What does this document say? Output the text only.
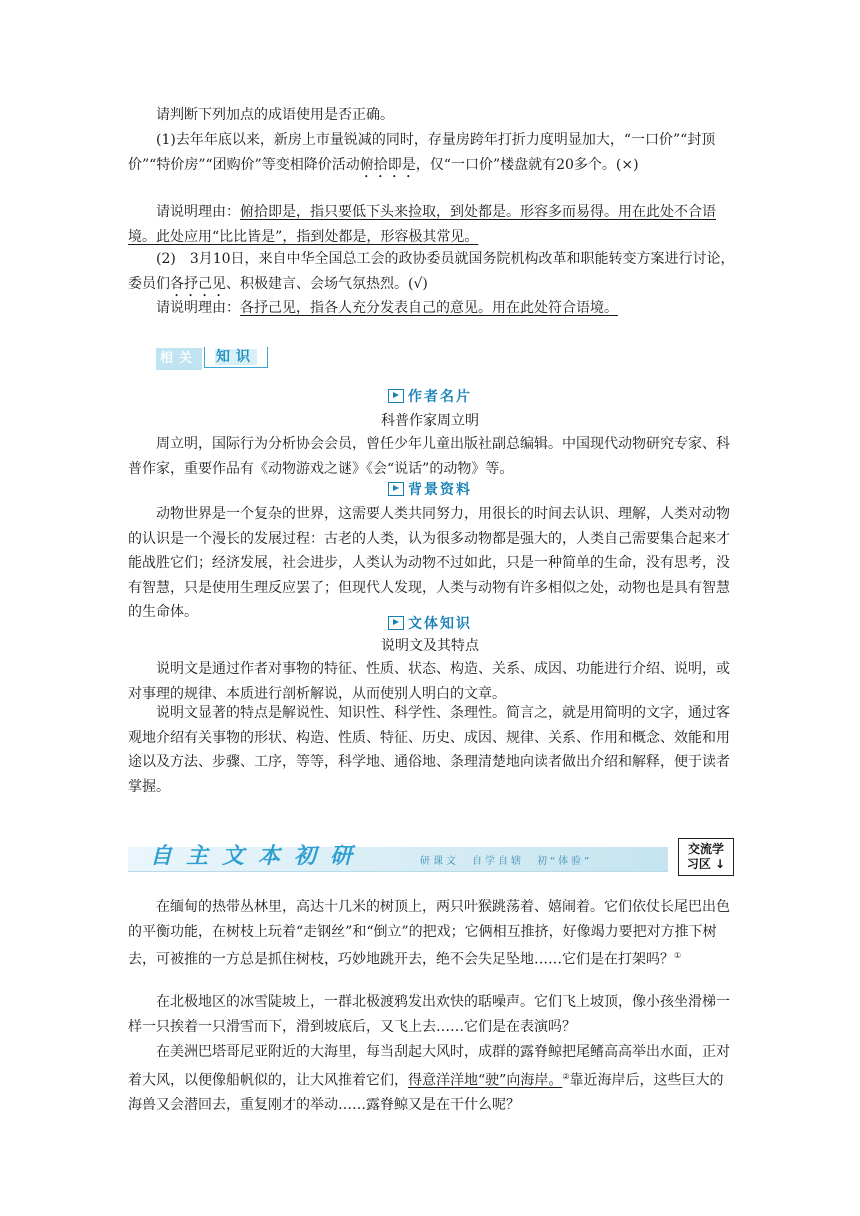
请判断下列加点的成语使用是否正确。

(1)去年年底以来，新房上市量锐减的同时，存量房跨年打折力度明显加大，“一口价”“封顶价”“特价房”“团购价”等变相降价活动俯拾即是，仅“一口价”楼盘就有20多个。(×)

请说明理由：俯拾即是，指只要低下头来捡取，到处都是。形容多而易得。用在此处不合语境。此处应用“比比皆是”，指到处都是，形容极其常见。

(2)　3月10日，来自中华全国总工会的政协委员就国务院机构改革和职能转变方案进行讨论，委员们各抒己见、积极建言、会场气氛热烈。(√)

请说明理由：各抒己见，指各人充分发表自己的意见。用在此处符合语境。

相关	知识
作者名片
科普作家周立明

周立明，国际行为分析协会会员，曾任少年儿童出版社副总编辑。中国现代动物研究专家、科普作家，重要作品有《动物游戏之谜》《会“说话”的动物》等。

背景资料

动物世界是一个复杂的世界，这需要人类共同努力，用很长的时间去认识、理解，人类对动物的认识是一个漫长的发展过程：古老的人类，认为很多动物都是强大的，人类自己需要集合起来才能战胜它们；经济发展，社会进步，人类认为动物不过如此，只是一种简单的生命，没有思考，没有智慧，只是使用生理反应罢了；但现代人发现，人类与动物有许多相似之处，动物也是具有智慧的生命体。

文体知识
说明文及其特点

说明文是通过作者对事物的特征、性质、状态、构造、关系、成因、功能进行介绍、说明，或对事理的规律、本质进行剖析解说，从而使别人明白的文章。

说明文显著的特点是解说性、知识性、科学性、条理性。简言之，就是用简明的文字，通过客观地介绍有关事物的形状、构造、性质、特征、历史、成因、规律、关系、作用和概念、效能和用途以及方法、步骤、工序，等等，科学地、通俗地、条理清楚地向读者做出介绍和解释，便于读者掌握。

自主文本初研	研课文　自学自辖　初“体验”
交流学
习区 ↓

在缅甸的热带丛林里，高达十几米的树顶上，两只叶猴跳荡着、嬉闹着。它们依仗长尾巴出色的平衡功能，在树枝上玩着“走钢丝”和“倒立”的把戏；它俩相互推挤，好像竭力要把对方推下树去，可被推的一方总是抓住树枝，巧妙地跳开去，绝不会失足坠地……它们是在打架吗？①

在北极地区的冰雪陡坡上，一群北极渡鸦发出欢快的聒噪声。它们飞上坡顶，像小孩坐滑梯一样一只挨着一只滑雪而下，滑到坡底后，又飞上去……它们是在表演吗？

在美洲巴塔哥尼亚附近的大海里，每当刮起大风时，成群的露脊鲸把尾鳍高高举出水面，正对着大风，以便像船帆似的，让大风推着它们，得意洋洋地“驶”向海岸。②靠近海岸后，这些巨大的海兽又会潜回去，重复刚才的举动……露脊鲸又是在干什么呢？
